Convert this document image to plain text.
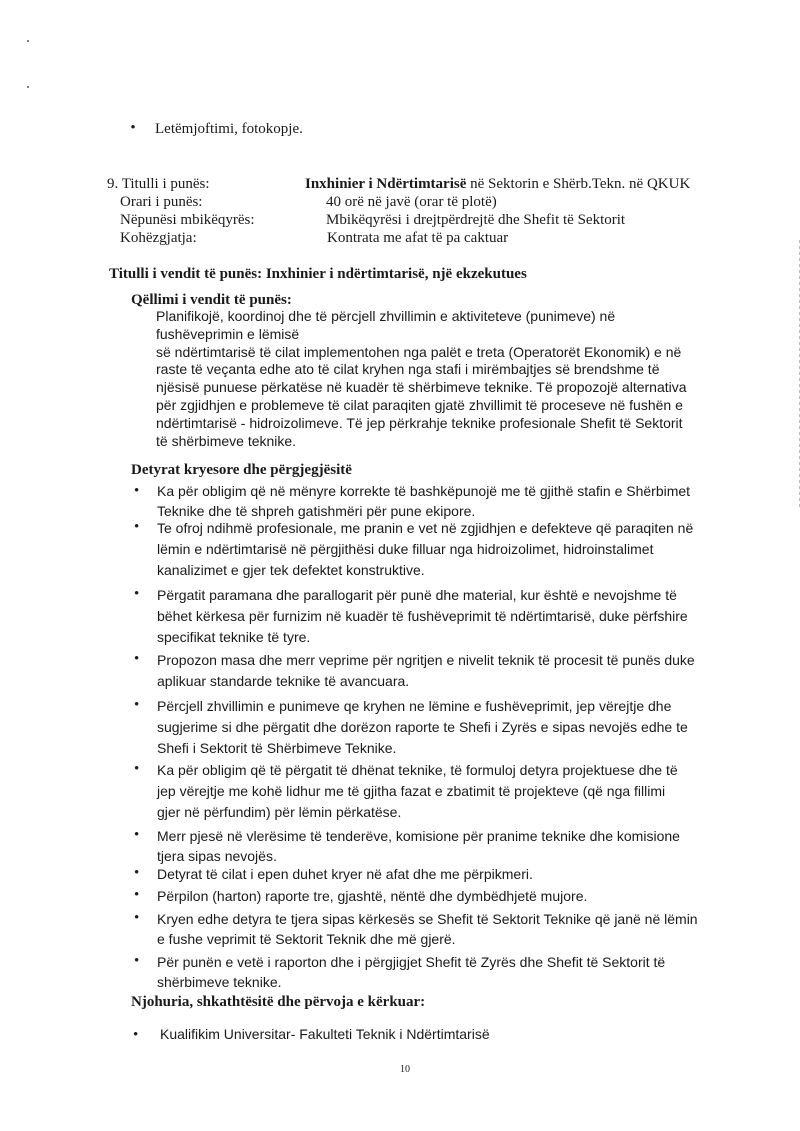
• Letëmjoftimi, fotokopje.
9. Titulli i punës:	Inxhinier i Ndërtimtarisë në Sektorin e Shërb.Tekn. në QKUK
Orari i punës:	40 orë në javë (orar të plotë)
Nëpunësi mbikëqyrës:	Mbikëqyrësi i drejtpërdrejtë dhe Shefit të Sektorit
Kohëzgjatja:	Kontrata me afat të pa caktuar
Titulli i vendit të punës: Inxhinier i ndërtimtarisë, një ekzekutues
Qëllimi i vendit të punës:
Planifikojë, koordinoj dhe të përcjell zhvillimin e aktiviteteve (punimeve) në
fushëveprimin e lëmisë
së ndërtimtarisë të cilat implementohen nga palët e treta (Operatorët Ekonomik) e në
raste të veçanta edhe ato të cilat kryhen nga stafi i mirëmbajtjes së brendshme të
njësisë punuese përkatëse në kuadër të shërbimeve teknike. Të propozojë alternativa
për zgjidhjen e problemeve të cilat paraqiten gjatë zhvillimit të proceseve në fushën e
ndërtimtarisë - hidroizolimeve. Të jep përkrahje teknike profesionale Shefit të Sektorit
të shërbimeve teknike.
Detyrat kryesore dhe përgjegjësitë
• Ka për obligim që në mënyre korrekte të bashkëpunojë me të gjithë stafin e Shërbimet
Teknike dhe të shpreh gatishmëri për pune ekipore.
• Te ofroj ndihmë profesionale, me pranin e vet në zgjidhjen e defekteve që paraqiten në
lëmin e ndërtimtarisë në përgjithësi duke filluar nga hidroizolimet, hidroinstalimet
kanalizimet e gjer tek defektet konstruktive.
• Përgatit paramana dhe parallogarit për punë dhe material, kur është e nevojshme të
bëhet kërkesa për furnizim në kuadër të fushëveprimit të ndërtimtarisë, duke përfshire
specifikat teknike të tyre.
• Propozon masa dhe merr veprime për ngritjen e nivelit teknik të procesit të punës duke
aplikuar standarde teknike të avancuara.
• Përcjell zhvillimin e punimeve qe kryhen ne lëmine e fushëveprimit, jep vërejtje dhe
sugjerime si dhe përgatit dhe dorëzon raporte te Shefi i Zyrës e sipas nevojës edhe te
Shefi i Sektorit të Shërbimeve Teknike.
• Ka për obligim që të përgatit të dhënat teknike, të formuloj detyra projektuese dhe të
jep vërejtje me kohë lidhur me të gjitha fazat e zbatimit të projekteve (që nga fillimi
gjer në përfundim) për lëmin përkatëse.
• Merr pjesë në vlerësime të tenderëve, komisione për pranime teknike dhe komisione
tjera sipas nevojës.
• Detyrat të cilat i epen duhet kryer në afat dhe me përpikmeri.
• Përpilon (harton) raporte tre, gjashtë, nëntë dhe dymbëdhjetë mujore.
• Kryen edhe detyra te tjera sipas kërkesës se Shefit të Sektorit Teknike që janë në lëmin
e fushe veprimit të Sektorit Teknik dhe më gjerë.
• Për punën e vetë i raporton dhe i përgjigjet Shefit të Zyrës dhe Shefit të Sektorit të
shërbimeve teknike.
Njohuria, shkathtësitë dhe përvoja e kërkuar:
• Kualifikim Universitar- Fakulteti Teknik i Ndërtimtarisë
10
